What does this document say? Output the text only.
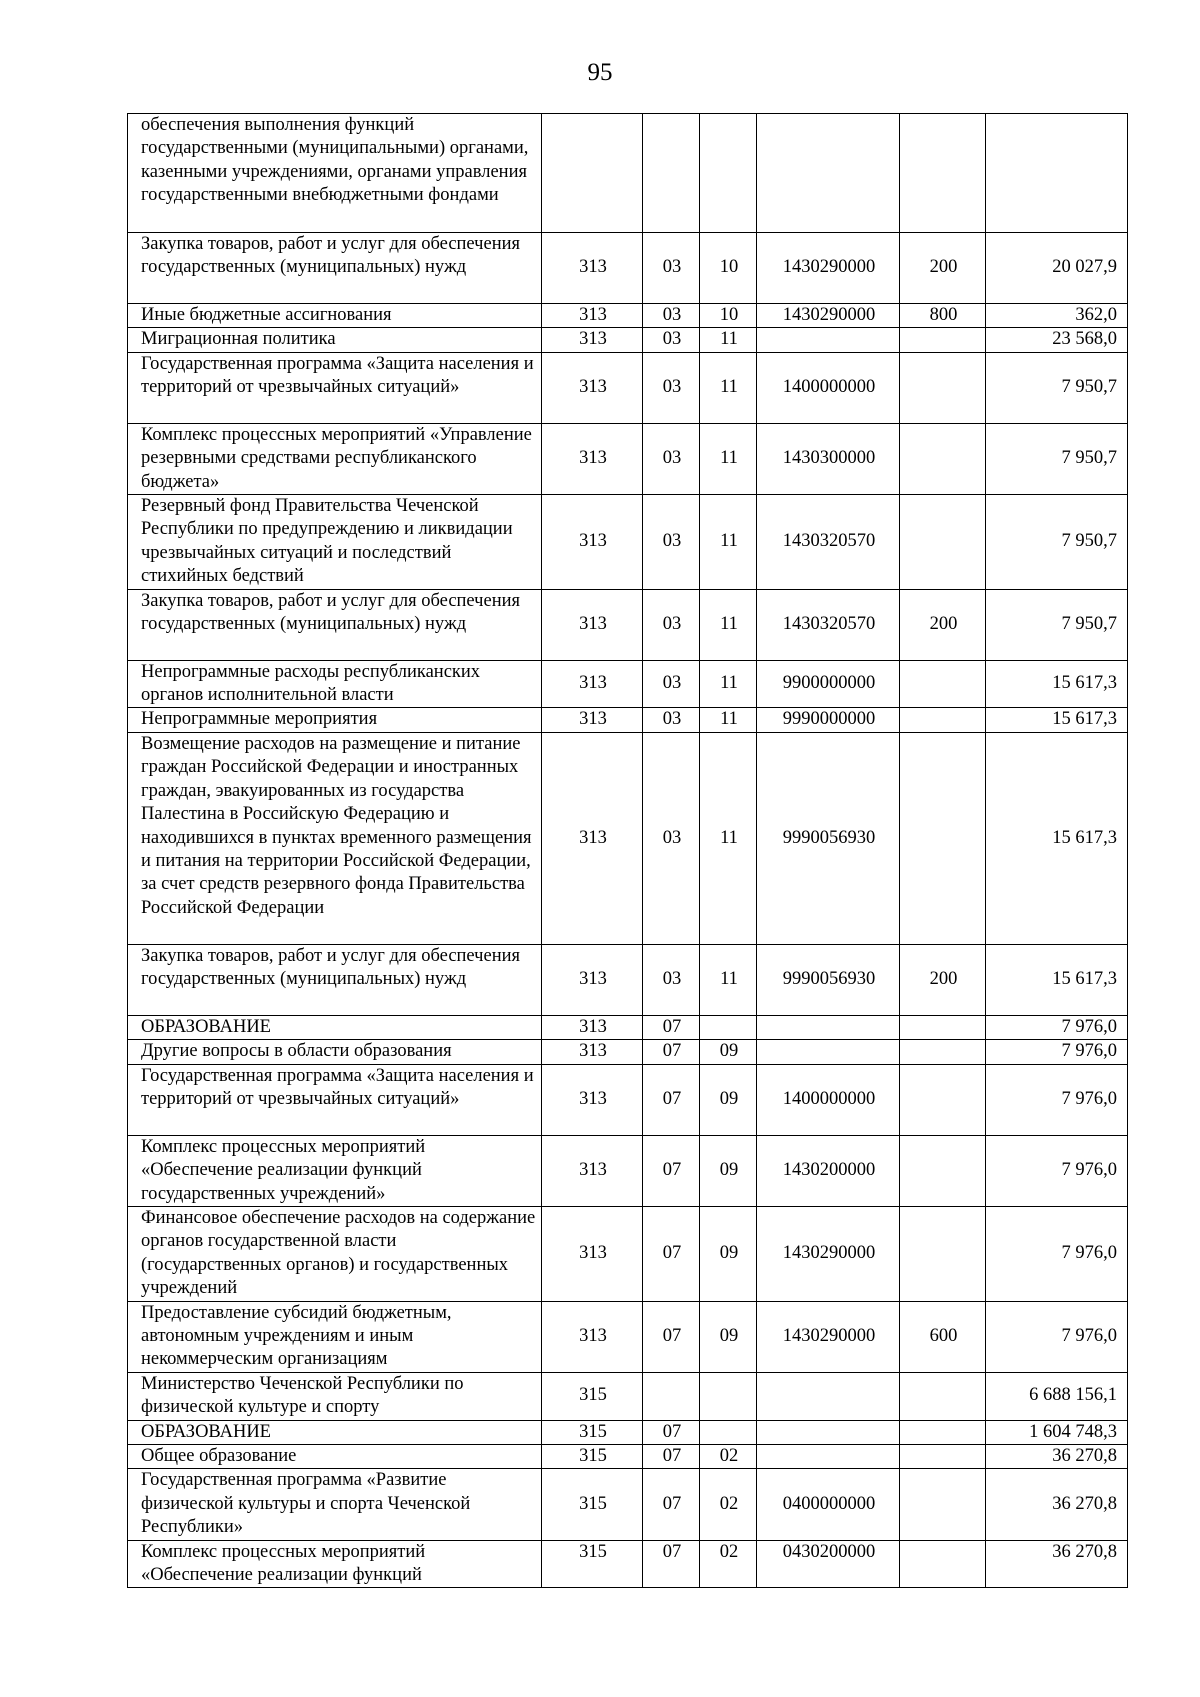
95
обеспечения выполнения функций государственными (муниципальными) органами, казенными учреждениями, органами управления государственными внебюджетными фондами						
Закупка товаров, работ и услуг для обеспечения государственных (муниципальных) нужд	313	03	10	1430290000	200	20 027,9
Иные бюджетные ассигнования	313	03	10	1430290000	800	362,0
Миграционная политика	313	03	11			23 568,0
Государственная программа «Защита населения и территорий от чрезвычайных ситуаций»	313	03	11	1400000000		7 950,7
Комплекс процессных мероприятий «Управление резервными средствами республиканского бюджета»	313	03	11	1430300000		7 950,7
Резервный фонд Правительства Чеченской Республики по предупреждению и ликвидации чрезвычайных ситуаций и последствий стихийных бедствий	313	03	11	1430320570		7 950,7
Закупка товаров, работ и услуг для обеспечения государственных (муниципальных) нужд	313	03	11	1430320570	200	7 950,7
Непрограммные расходы республиканских органов исполнительной власти	313	03	11	9900000000		15 617,3
Непрограммные мероприятия	313	03	11	9990000000		15 617,3
Возмещение расходов на размещение и питание граждан Российской Федерации и иностранных граждан, эвакуированных из государства Палестина в Российскую Федерацию и находившихся в пунктах временного размещения и питания на территории Российской Федерации, за счет средств резервного фонда Правительства Российской Федерации	313	03	11	9990056930		15 617,3
Закупка товаров, работ и услуг для обеспечения государственных (муниципальных) нужд	313	03	11	9990056930	200	15 617,3
ОБРАЗОВАНИЕ	313	07				7 976,0
Другие вопросы в области образования	313	07	09			7 976,0
Государственная программа «Защита населения и территорий от чрезвычайных ситуаций»	313	07	09	1400000000		7 976,0
Комплекс процессных мероприятий «Обеспечение реализации функций государственных учреждений»	313	07	09	1430200000		7 976,0
Финансовое обеспечение расходов на содержание органов государственной власти (государственных органов) и государственных учреждений	313	07	09	1430290000		7 976,0
Предоставление субсидий бюджетным, автономным учреждениям и иным некоммерческим организациям	313	07	09	1430290000	600	7 976,0
Министерство Чеченской Республики по физической культуре и спорту	315					6 688 156,1
ОБРАЗОВАНИЕ	315	07				1 604 748,3
Общее образование	315	07	02			36 270,8
Государственная программа «Развитие физической культуры и спорта Чеченской Республики»	315	07	02	0400000000		36 270,8
Комплекс процессных мероприятий «Обеспечение реализации функций	315	07	02	0430200000		36 270,8
